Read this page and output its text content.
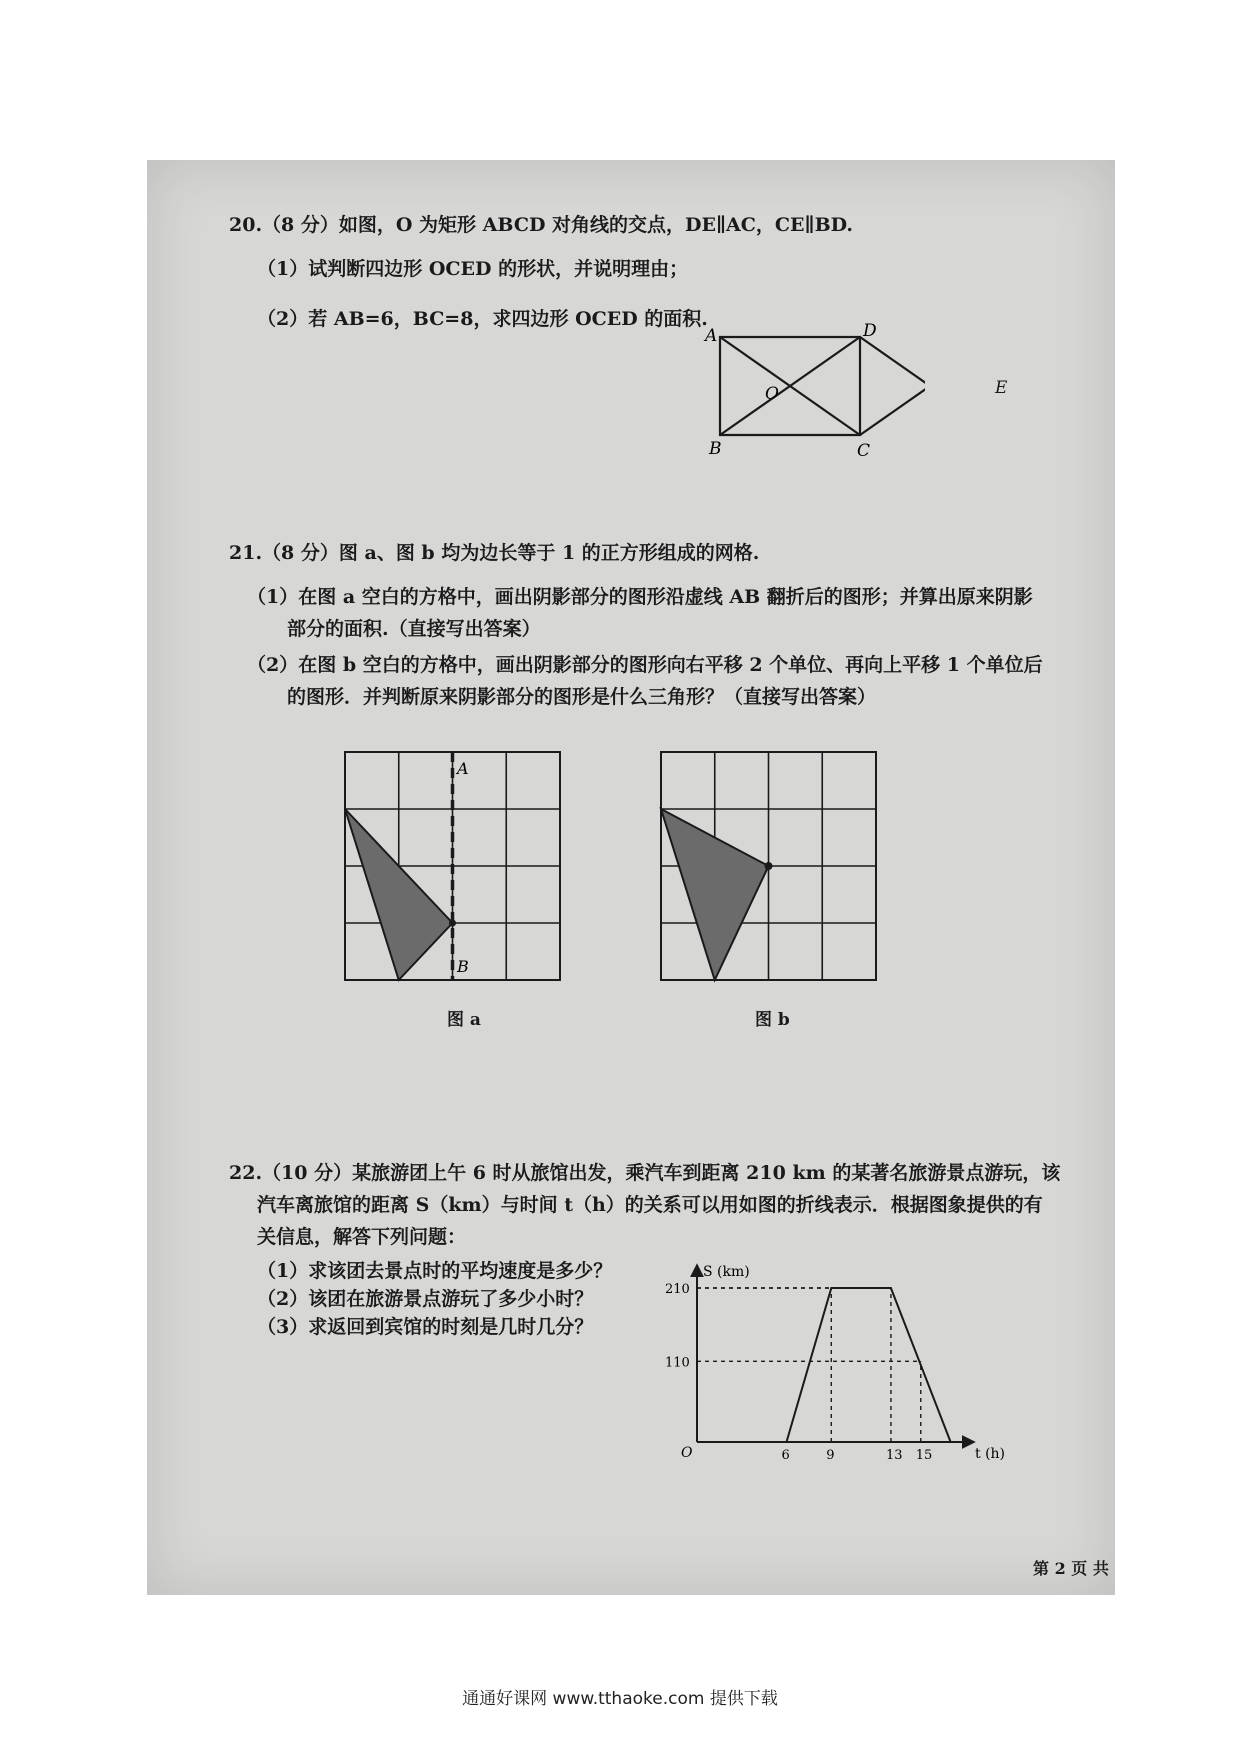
20.（8 分）如图，O 为矩形 ABCD 对角线的交点，DE∥AC，CE∥BD.
（1）试判断四边形 OCED 的形状，并说明理由；
（2）若 AB=6，BC=8，求四边形 OCED 的面积.
A
B	C
D
O	E
21.（8 分）图 a、图 b 均为边长等于 1 的正方形组成的网格.
（1）在图 a 空白的方格中，画出阴影部分的图形沿虚线 AB 翻折后的图形；并算出原来阴影
部分的面积.（直接写出答案）
（2）在图 b 空白的方格中，画出阴影部分的图形向右平移 2 个单位、再向上平移 1 个单位后
的图形．并判断原来阴影部分的图形是什么三角形？（直接写出答案）
A
B
图 a	图 b
22.（10 分）某旅游团上午 6 时从旅馆出发，乘汽车到距离 210 km 的某著名旅游景点游玩，该
汽车离旅馆的距离 S（km）与时间 t（h）的关系可以用如图的折线表示．根据图象提供的有
关信息，解答下列问题：
（1）求该团去景点时的平均速度是多少？
（2）该团在旅游景点游玩了多少小时？
（3）求返回到宾馆的时刻是几时几分？
S (km)
t (h)
O	6	9	13 15
110
210
第 2 页 共
通通好课网 www.tthaoke.com 提供下载
